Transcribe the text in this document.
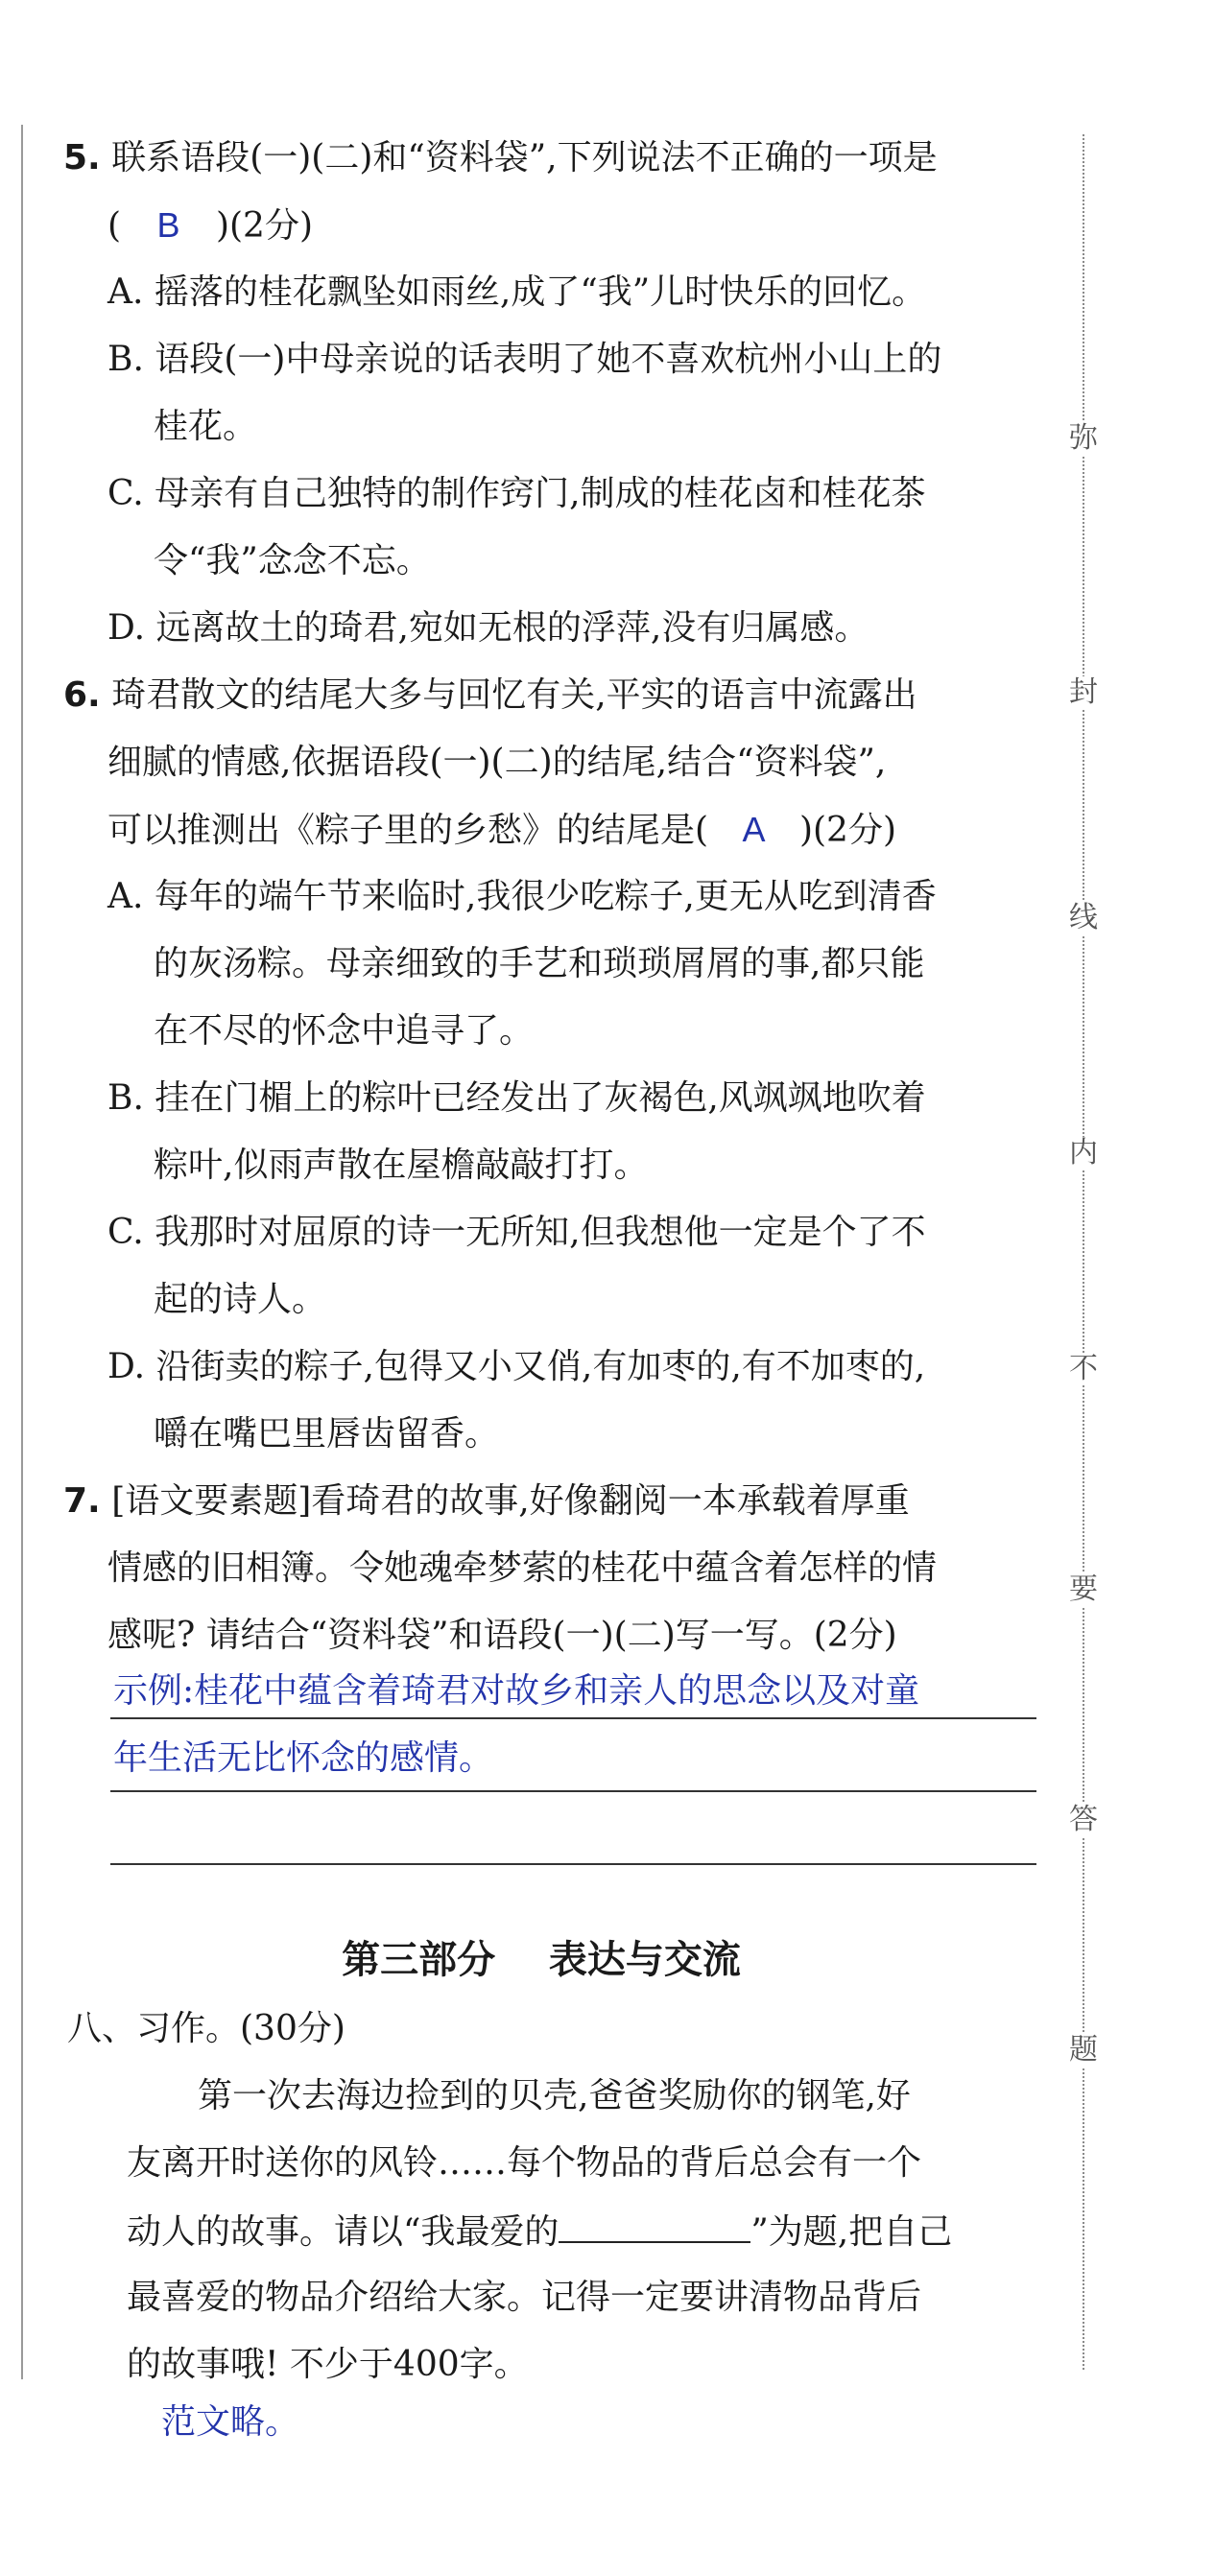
弥
封
线
内
不
要
答
题
5. 联系语段(一)(二)和“资料袋”,下列说法不正确的一项是
( B )(2分)
A. 摇落的桂花飘坠如雨丝,成了“我”儿时快乐的回忆。
B. 语段(一)中母亲说的话表明了她不喜欢杭州小山上的
桂花。
C. 母亲有自己独特的制作窍门,制成的桂花卤和桂花茶
令“我”念念不忘。
D. 远离故土的琦君,宛如无根的浮萍,没有归属感。
6. 琦君散文的结尾大多与回忆有关,平实的语言中流露出
细腻的情感,依据语段(一)(二)的结尾,结合“资料袋”,
可以推测出《粽子里的乡愁》的结尾是( A )(2分)
A. 每年的端午节来临时,我很少吃粽子,更无从吃到清香
的灰汤粽。母亲细致的手艺和琐琐屑屑的事,都只能
在不尽的怀念中追寻了。
B. 挂在门楣上的粽叶已经发出了灰褐色,风飒飒地吹着
粽叶,似雨声散在屋檐敲敲打打。
C. 我那时对屈原的诗一无所知,但我想他一定是个了不
起的诗人。
D. 沿街卖的粽子,包得又小又俏,有加枣的,有不加枣的,
嚼在嘴巴里唇齿留香。
7. [语文要素题]看琦君的故事,好像翻阅一本承载着厚重
情感的旧相簿。令她魂牵梦萦的桂花中蕴含着怎样的情
感呢? 请结合“资料袋”和语段(一)(二)写一写。(2分)
示例:桂花中蕴含着琦君对故乡和亲人的思念以及对童
年生活无比怀念的感情。
第三部分    表达与交流
八、习作。(30分)
第一次去海边捡到的贝壳,爸爸奖励你的钢笔,好
友离开时送你的风铃……每个物品的背后总会有一个
动人的故事。请以“我最爱的	”为题,把自己
最喜爱的物品介绍给大家。记得一定要讲清物品背后
的故事哦! 不少于400字。
范文略。
